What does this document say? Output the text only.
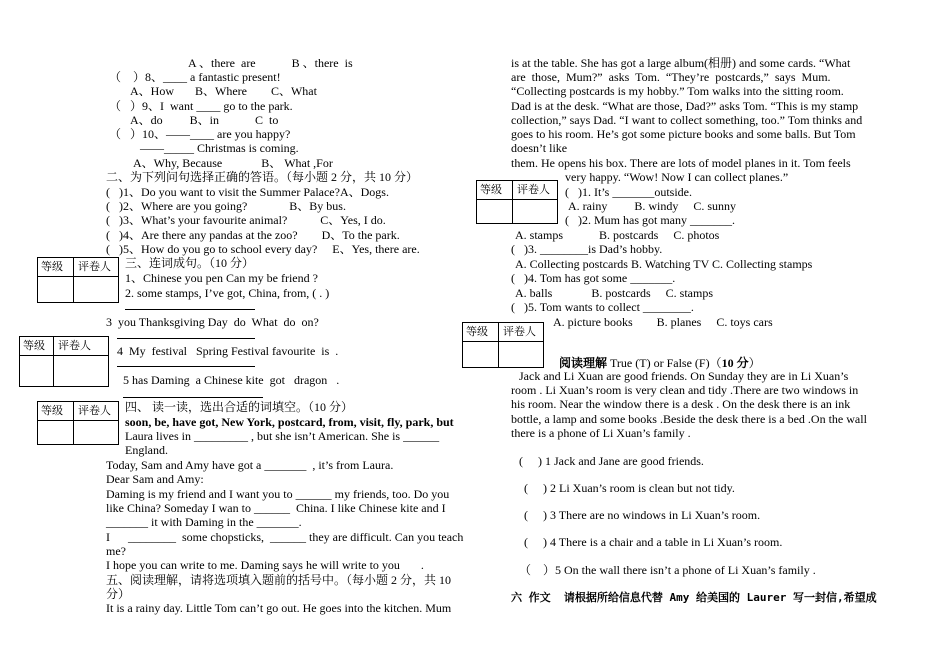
A 、there  are            B 、there  is
（    ）8、____ a fantastic present!
A、How       B、Where        C、What
（   ）9、I  want ____ go to the park.
A、do         B、in            C  to
（   ）10、——____ are you happy?
——_____ Christmas is coming.
A、Why, Because             B、 What ,For
二、为下列问句选择正确的答语。（每小题 2 分，共 10 分）
(   )1、Do you want to visit the Summer Palace?A、Dogs.
(   )2、Where are you going?              B、By bus.
(   )3、What’s your favourite animal?           C、Yes, I do.
(   )4、Are there any pandas at the zoo?        D、To the park.
(   )5、How do you go to school every day?     E、Yes, there are.
等级 评卷人 三、连词成句。（10 分）
1、Chinese you pen Can my be friend ?
2. some stamps, I’ve got, China, from, ( . )
3  you Thanksgiving Day  do  What  do  on?
等级 评卷人 4  My  festival   Spring Festival favourite  is  .
5 has Daming  a Chinese kite  got   dragon   .
等级 评卷人 四、 读一读，选出合适的词填空。（10 分）
soon, be, have got, New York, postcard, from, visit, fly, park, but
Laura lives in _________ , but she isn’t American. She is ______
England.
Today, Sam and Amy have got a _______  , it’s from Laura.
Dear Sam and Amy:
Daming is my friend and I want you to ______ my friends, too. Do you
like China? Someday I wan to ______  China. I like Chinese kite and I
_______ it with Daming in the _______.
I      ________  some chopsticks,  ______ they are difficult. Can you teach
me?
I hope you can write to me. Daming says he will write to you       .
五、阅读理解，请将选项填入题前的括号中。（每小题 2 分，共 10
分）
It is a rainy day. Little Tom can’t go out. He goes into the kitchen. Mum
is at the table. She has got a large album(相册) and some cards. “What
are  those,  Mum?”  asks  Tom.  “They’re  postcards,”  says  Mum.
“Collecting postcards is my hobby.” Tom walks into the sitting room.
Dad is at the desk. “What are those, Dad?” asks Tom. “This is my stamp
collection,” says Dad. “I want to collect something, too.” Tom thinks and
goes to his room. He’s got some picture books and some balls. But Tom
doesn’t like
them. He opens his box. There are lots of model planes in it. Tom feels
等级 评卷人
very happy. “Wow! Now I can collect planes.”
(   )1. It’s _______outside.
A. rainy         B. windy     C. sunny
(   )2. Mum has got many _______.
A. stamps            B. postcards     C. photos
(   )3. ________is Dad’s hobby.
A. Collecting postcards B. Watching TV C. Collecting stamps
(   )4. Tom has got some _______.
A. balls             B. postcards     C. stamps
(   )5. Tom wants to collect ________.
等级 评卷人
A. picture books        B. planes     C. toys cars

阅读理解 True (T) or False (F)（10 分）

Jack and Li Xuan are good friends. On Sunday they are in Li Xuan’s
room . Li Xuan’s room is very clean and tidy .There are two windows in
his room. Near the window there is a desk . On the desk there is an ink
bottle, a lamp and some books .Beside the desk there is a bed .On the wall
there is a phone of Li Xuan’s family .
(     ) 1 Jack and Jane are good friends.
(     ) 2 Li Xuan’s room is clean but not tidy.
(     ) 3 There are no windows in Li Xuan’s room.
(     ) 4 There is a chair and a table in Li Xuan’s room.
（    ）5 On the wall there isn’t a phone of Li Xuan’s family .
六 作文  请根据所给信息代替 Amy 给美国的 Laurer 写一封信,希望成
